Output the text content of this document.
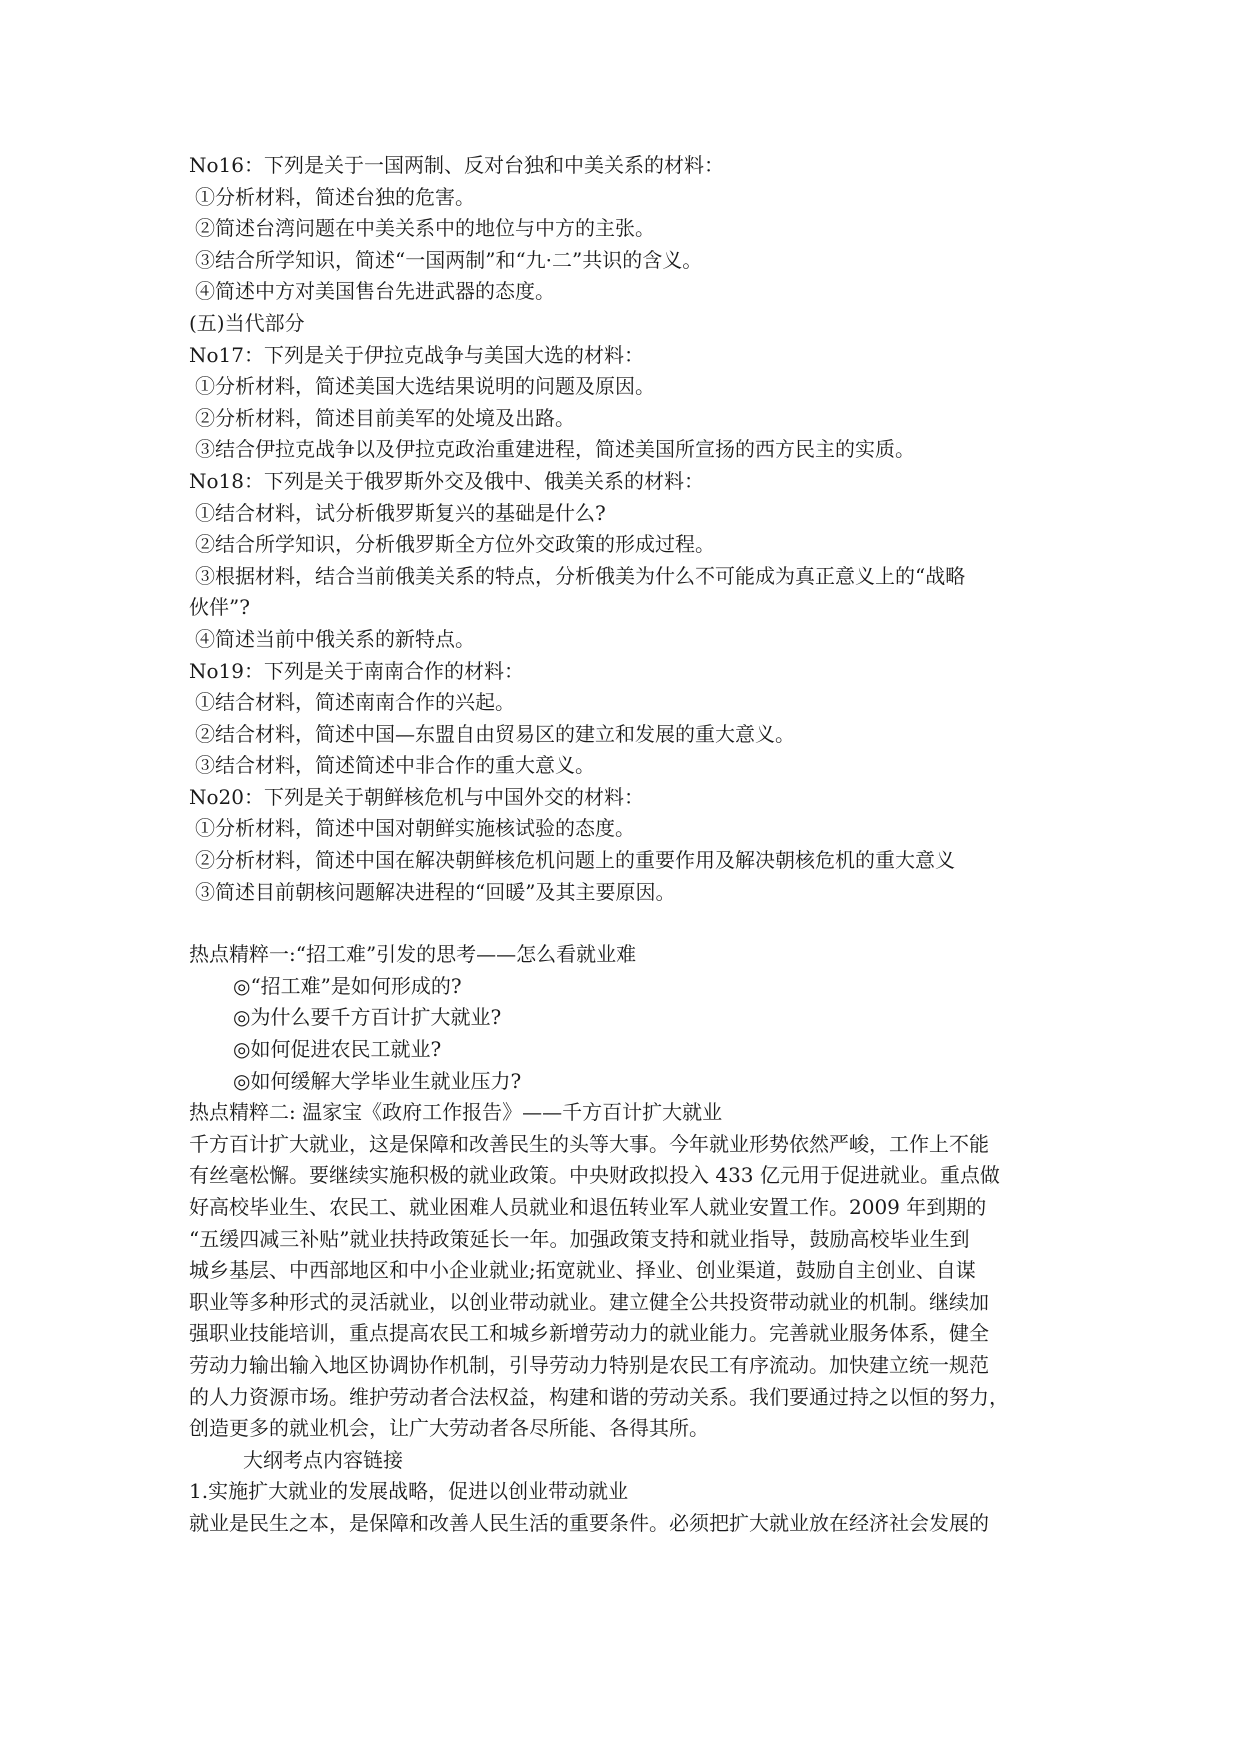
No16：下列是关于一国两制、反对台独和中美关系的材料：
①分析材料，简述台独的危害。
②简述台湾问题在中美关系中的地位与中方的主张。
③结合所学知识，简述“一国两制”和“九·二”共识的含义。
④简述中方对美国售台先进武器的态度。
(五)当代部分
No17：下列是关于伊拉克战争与美国大选的材料：
①分析材料，简述美国大选结果说明的问题及原因。
②分析材料，简述目前美军的处境及出路。
③结合伊拉克战争以及伊拉克政治重建进程，简述美国所宣扬的西方民主的实质。
No18：下列是关于俄罗斯外交及俄中、俄美关系的材料：
①结合材料，试分析俄罗斯复兴的基础是什么?
②结合所学知识，分析俄罗斯全方位外交政策的形成过程。
③根据材料，结合当前俄美关系的特点，分析俄美为什么不可能成为真正意义上的“战略
伙伴”?
④简述当前中俄关系的新特点。
No19：下列是关于南南合作的材料：
①结合材料，简述南南合作的兴起。
②结合材料，简述中国—东盟自由贸易区的建立和发展的重大意义。
③结合材料，简述简述中非合作的重大意义。
No20：下列是关于朝鲜核危机与中国外交的材料：
①分析材料，简述中国对朝鲜实施核试验的态度。
②分析材料，简述中国在解决朝鲜核危机问题上的重要作用及解决朝核危机的重大意义
③简述目前朝核问题解决进程的“回暖”及其主要原因。
热点精粹一:“招工难”引发的思考——怎么看就业难
◎“招工难”是如何形成的?
◎为什么要千方百计扩大就业?
◎如何促进农民工就业?
◎如何缓解大学毕业生就业压力?
热点精粹二: 温家宝《政府工作报告》——千方百计扩大就业
千方百计扩大就业，这是保障和改善民生的头等大事。今年就业形势依然严峻，工作上不能
有丝毫松懈。要继续实施积极的就业政策。中央财政拟投入 433 亿元用于促进就业。重点做
好高校毕业生、农民工、就业困难人员就业和退伍转业军人就业安置工作。2009 年到期的
“五缓四减三补贴”就业扶持政策延长一年。加强政策支持和就业指导，鼓励高校毕业生到
城乡基层、中西部地区和中小企业就业;拓宽就业、择业、创业渠道，鼓励自主创业、自谋
职业等多种形式的灵活就业，以创业带动就业。建立健全公共投资带动就业的机制。继续加
强职业技能培训，重点提高农民工和城乡新增劳动力的就业能力。完善就业服务体系，健全
劳动力输出输入地区协调协作机制，引导劳动力特别是农民工有序流动。加快建立统一规范
的人力资源市场。维护劳动者合法权益，构建和谐的劳动关系。我们要通过持之以恒的努力，
创造更多的就业机会，让广大劳动者各尽所能、各得其所。
大纲考点内容链接
1.实施扩大就业的发展战略，促进以创业带动就业
就业是民生之本，是保障和改善人民生活的重要条件。必须把扩大就业放在经济社会发展的
